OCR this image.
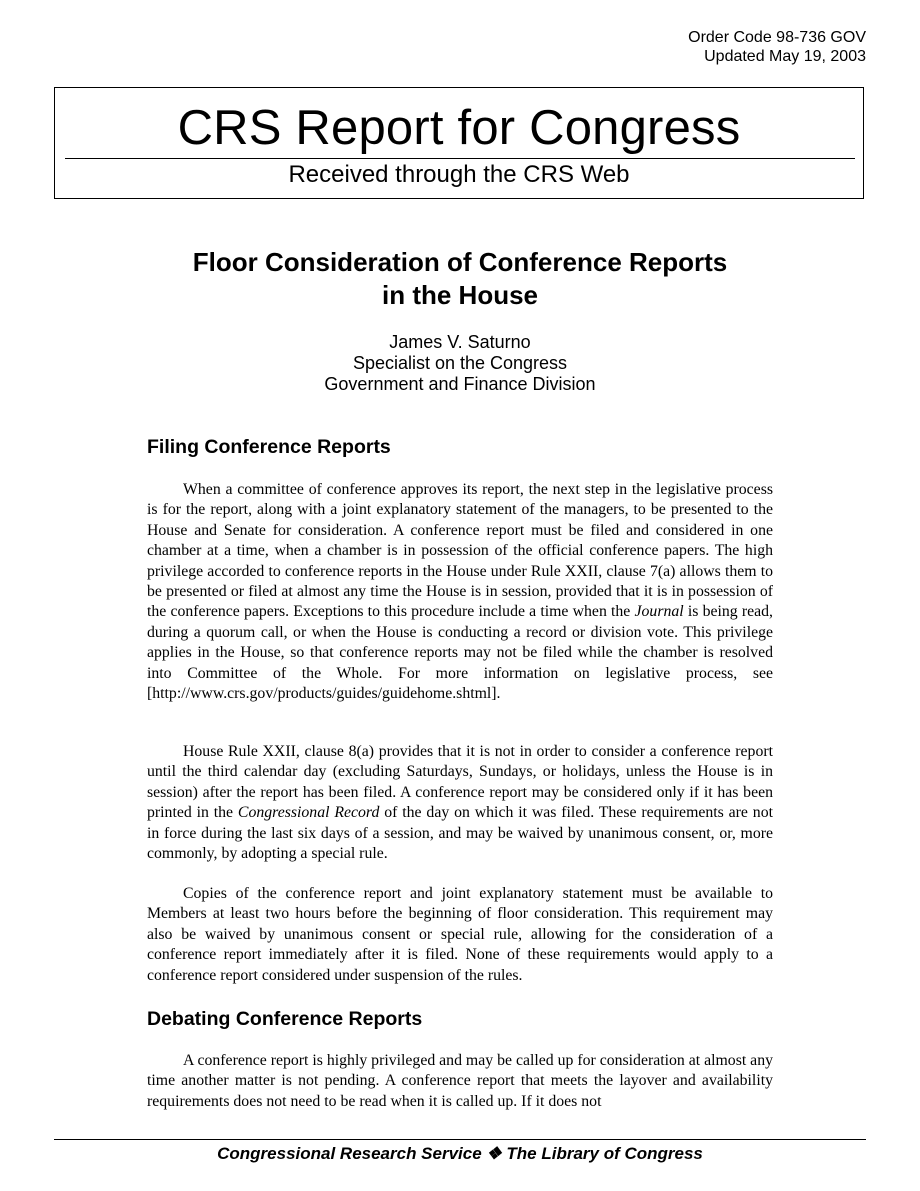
Order Code 98-736 GOV
Updated May 19, 2003
CRS Report for Congress
Received through the CRS Web
Floor Consideration of Conference Reports
in the House
James V. Saturno
Specialist on the Congress
Government and Finance Division
Filing Conference Reports

When a committee of conference approves its report, the next step in the legislative process is for the report, along with a joint explanatory statement of the managers, to be presented to the House and Senate for consideration. A conference report must be filed and considered in one chamber at a time, when a chamber is in possession of the official conference papers. The high privilege accorded to conference reports in the House under Rule XXII, clause 7(a) allows them to be presented or filed at almost any time the House is in session, provided that it is in possession of the conference papers. Exceptions to this procedure include a time when the Journal is being read, during a quorum call, or when the House is conducting a record or division vote. This privilege applies in the House, so that conference reports may not be filed while the chamber is resolved into Committee of the Whole. For more information on legislative process, see [http://www.crs.gov/products/guides/guidehome.shtml].

House Rule XXII, clause 8(a) provides that it is not in order to consider a conference report until the third calendar day (excluding Saturdays, Sundays, or holidays, unless the House is in session) after the report has been filed. A conference report may be considered only if it has been printed in the Congressional Record of the day on which it was filed. These requirements are not in force during the last six days of a session, and may be waived by unanimous consent, or, more commonly, by adopting a special rule.

Copies of the conference report and joint explanatory statement must be available to Members at least two hours before the beginning of floor consideration. This requirement may also be waived by unanimous consent or special rule, allowing for the consideration of a conference report immediately after it is filed. None of these requirements would apply to a conference report considered under suspension of the rules.

Debating Conference Reports

A conference report is highly privileged and may be called up for consideration at almost any time another matter is not pending. A conference report that meets the layover and availability requirements does not need to be read when it is called up. If it does not

Congressional Research Service ❖ The Library of Congress
